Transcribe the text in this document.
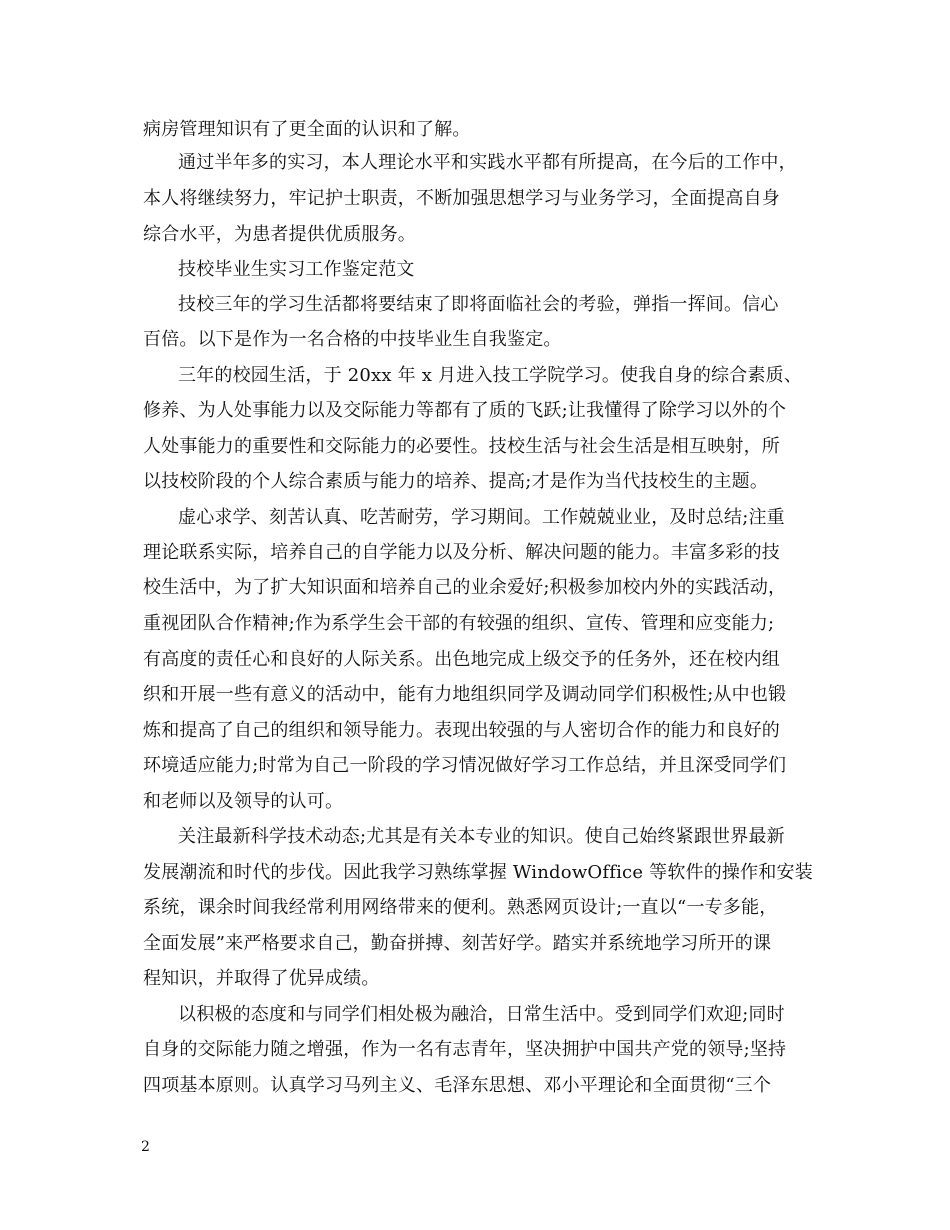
病房管理知识有了更全面的认识和了解。
通过半年多的实习，本人理论水平和实践水平都有所提高，在今后的工作中，
本人将继续努力，牢记护士职责，不断加强思想学习与业务学习，全面提高自身
综合水平，为患者提供优质服务。
技校毕业生实习工作鉴定范文
技校三年的学习生活都将要结束了即将面临社会的考验，弹指一挥间。信心
百倍。以下是作为一名合格的中技毕业生自我鉴定。
三年的校园生活，于 20xx 年 x 月进入技工学院学习。使我自身的综合素质、
修养、为人处事能力以及交际能力等都有了质的飞跃;让我懂得了除学习以外的个
人处事能力的重要性和交际能力的必要性。技校生活与社会生活是相互映射，所
以技校阶段的个人综合素质与能力的培养、提高;才是作为当代技校生的主题。
虚心求学、刻苦认真、吃苦耐劳，学习期间。工作兢兢业业，及时总结;注重
理论联系实际，培养自己的自学能力以及分析、解决问题的能力。丰富多彩的技
校生活中，为了扩大知识面和培养自己的业余爱好;积极参加校内外的实践活动，
重视团队合作精神;作为系学生会干部的有较强的组织、宣传、管理和应变能力;
有高度的责任心和良好的人际关系。出色地完成上级交予的任务外，还在校内组
织和开展一些有意义的活动中，能有力地组织同学及调动同学们积极性;从中也锻
炼和提高了自己的组织和领导能力。表现出较强的与人密切合作的能力和良好的
环境适应能力;时常为自己一阶段的学习情况做好学习工作总结，并且深受同学们
和老师以及领导的认可。
关注最新科学技术动态;尤其是有关本专业的知识。使自己始终紧跟世界最新
发展潮流和时代的步伐。因此我学习熟练掌握 WindowOffice 等软件的操作和安装
系统，课余时间我经常利用网络带来的便利。熟悉网页设计;一直以“一专多能，
全面发展”来严格要求自己，勤奋拼搏、刻苦好学。踏实并系统地学习所开的课
程知识，并取得了优异成绩。
以积极的态度和与同学们相处极为融洽，日常生活中。受到同学们欢迎;同时
自身的交际能力随之增强，作为一名有志青年，坚决拥护中国共产党的领导;坚持
四项基本原则。认真学习马列主义、毛泽东思想、邓小平理论和全面贯彻“三个
2
